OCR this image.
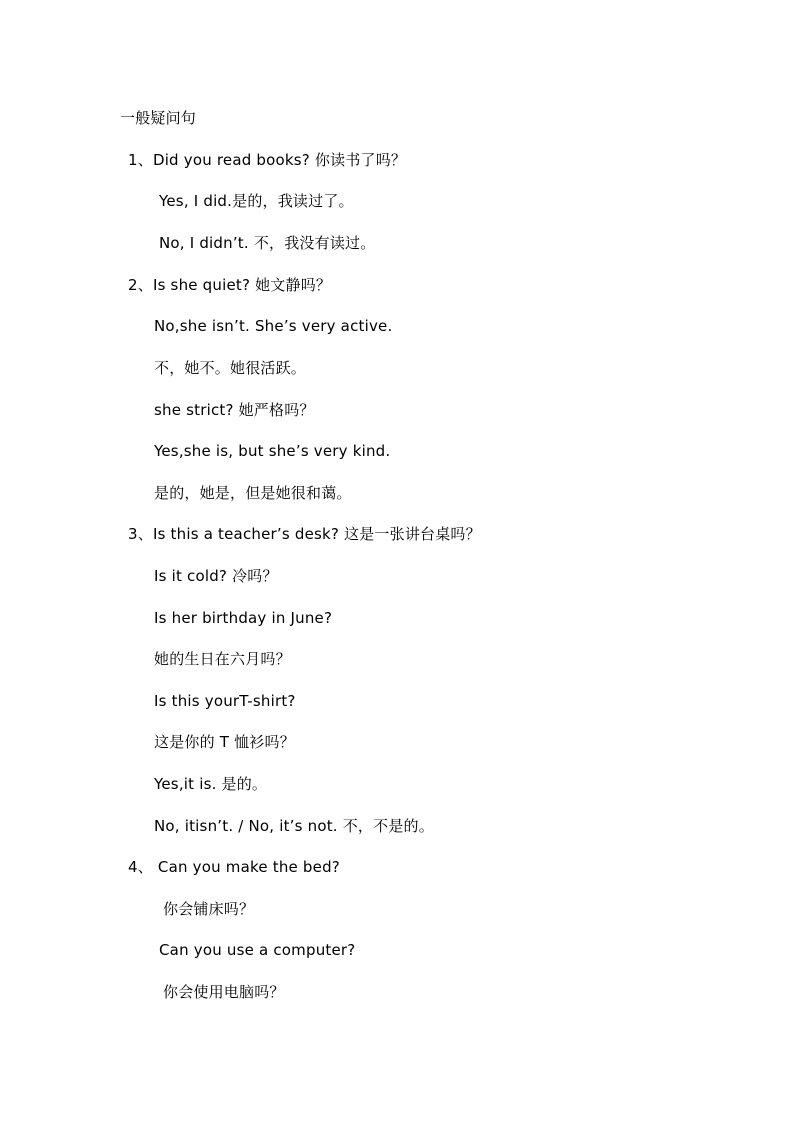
一般疑问句
1、Did you read books? 你读书了吗？
Yes, I did.是的，我读过了。
No, I didn’t. 不，我没有读过。
2、Is she quiet? 她文静吗？
No,she isn’t. She’s very active.
不，她不。她很活跃。
she strict? 她严格吗？
Yes,she is, but she’s very kind.
是的，她是，但是她很和蔼。
3、Is this a teacher’s desk? 这是一张讲台桌吗？
Is it cold? 冷吗？
Is her birthday in June?
她的生日在六月吗？
Is this yourT-shirt?
这是你的 T 恤衫吗？
Yes,it is. 是的。
No, itisn’t. / No, it’s not. 不，不是的。
4、 Can you make the bed?
你会铺床吗？
Can you use a computer?
你会使用电脑吗？
